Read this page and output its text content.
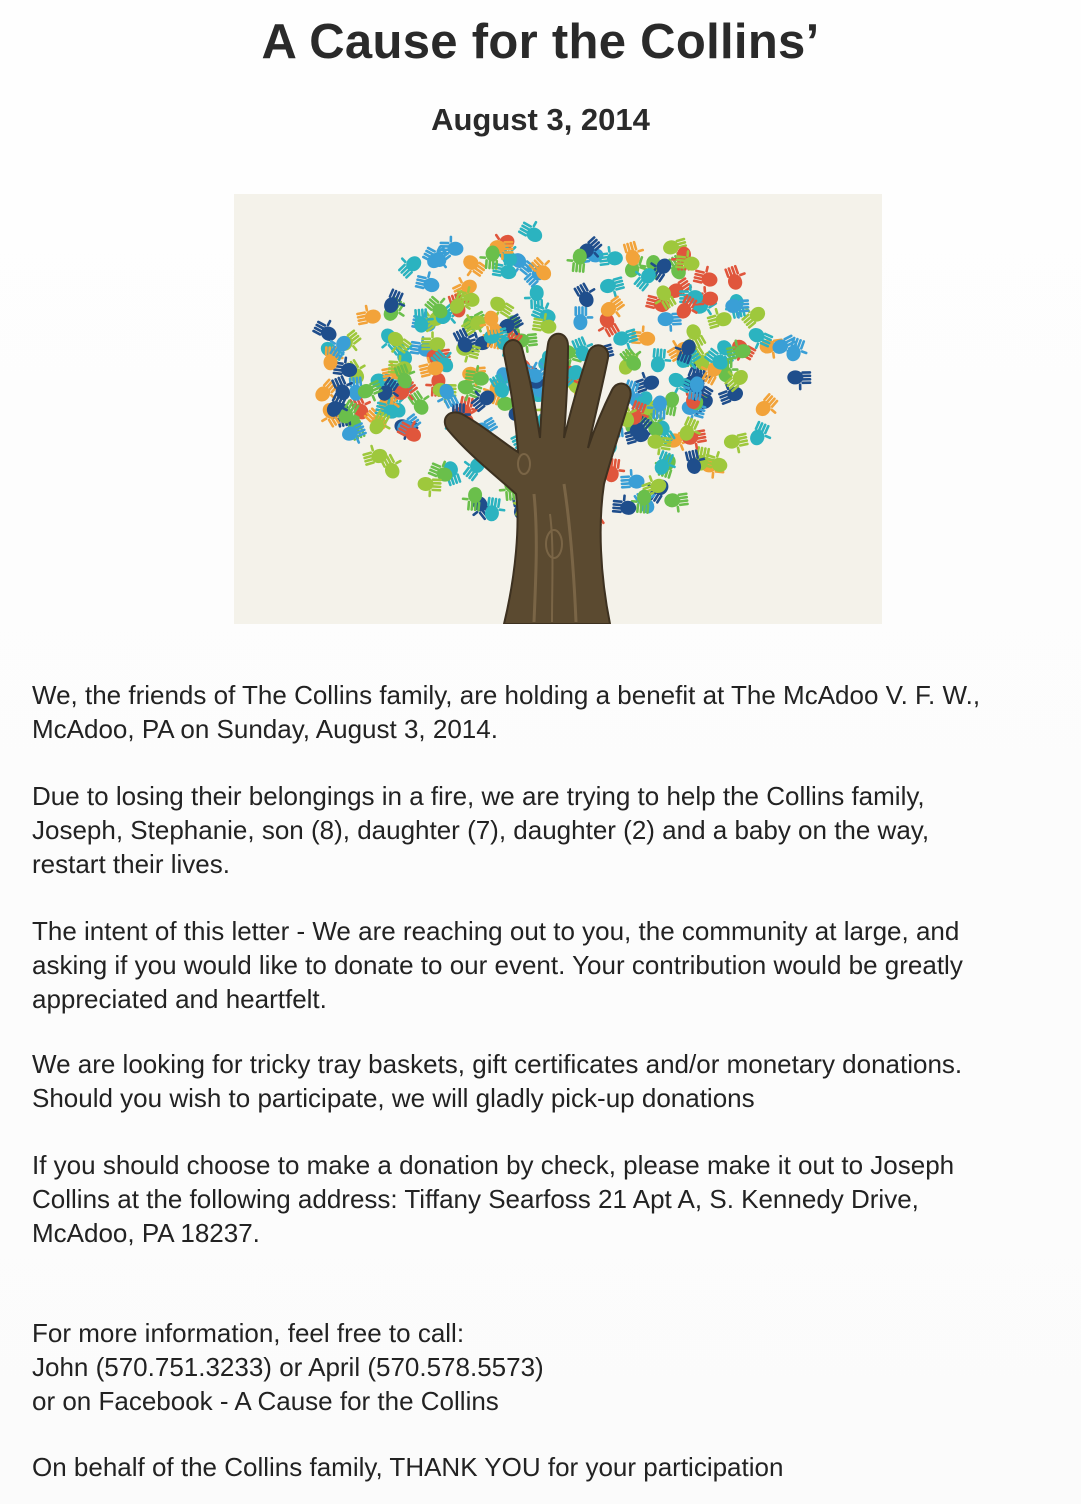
A Cause for the Collins’
August 3, 2014
We, the friends of The Collins family, are holding a benefit at The McAdoo V. F. W.,
McAdoo, PA on Sunday, August 3, 2014.
Due to losing their belongings in a fire, we are trying to help the Collins family,
Joseph, Stephanie, son (8), daughter (7), daughter (2) and a baby on the way,
restart their lives.
The intent of this letter - We are reaching out to you, the community at large, and
asking if you would like to donate to our event. Your contribution would be greatly
appreciated and heartfelt.
We are looking for tricky tray baskets, gift certificates and/or monetary donations.
Should you wish to participate, we will gladly pick-up donations
If you should choose to make a donation by check, please make it out to Joseph
Collins at the following address: Tiffany Searfoss 21 Apt A, S. Kennedy Drive,
McAdoo, PA 18237.
For more information, feel free to call:
John (570.751.3233) or April (570.578.5573)
or on Facebook - A Cause for the Collins
On behalf of the Collins family, THANK YOU for your participation
